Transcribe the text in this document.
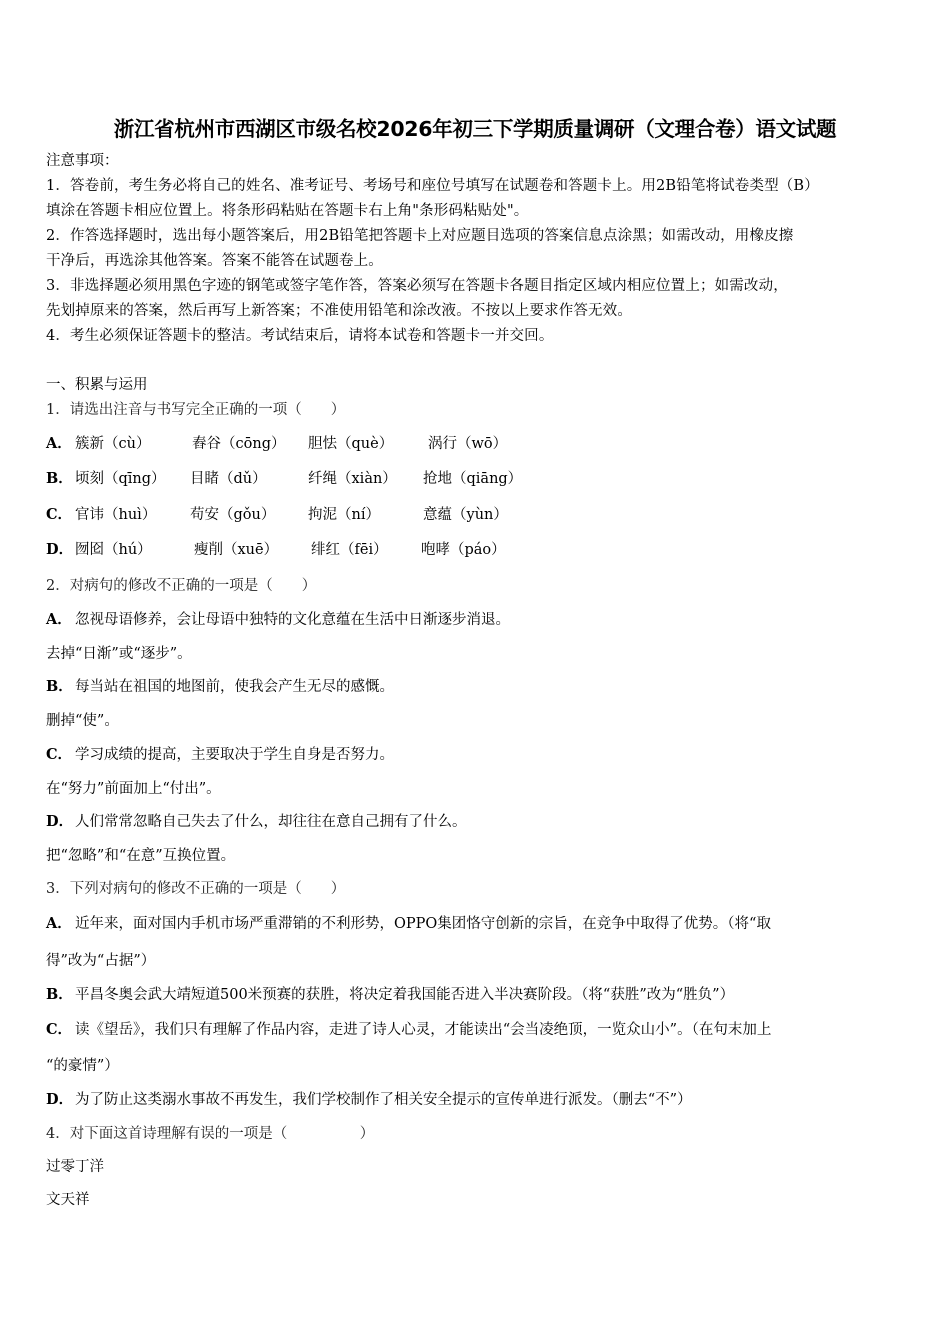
浙江省杭州市西湖区市级名校2026年初三下学期质量调研（文理合卷）语文试题
注意事项：
1．答卷前，考生务必将自己的姓名、准考证号、考场号和座位号填写在试题卷和答题卡上。用2B铅笔将试卷类型（B）
填涂在答题卡相应位置上。将条形码粘贴在答题卡右上角"条形码粘贴处"。
2．作答选择题时，选出每小题答案后，用2B铅笔把答题卡上对应题目选项的答案信息点涂黑；如需改动，用橡皮擦
干净后，再选涂其他答案。答案不能答在试题卷上。
3．非选择题必须用黑色字迹的钢笔或签字笔作答，答案必须写在答题卡各题目指定区域内相应位置上；如需改动，
先划掉原来的答案，然后再写上新答案；不准使用铅笔和涂改液。不按以上要求作答无效。
4．考生必须保证答题卡的整洁。考试结束后，请将本试卷和答题卡一并交回。
一、积累与运用
1．请选出注音与书写完全正确的一项（　　）
A． 簇新（cù）	舂谷（cōng） 胆怯（què） 涡行（wō）
B． 顷刻（qīng） 目睹（dǔ）	纤绳（xiàn） 抢地（qiāng）
C． 官讳（huì） 苟安（gǒu） 拘泥（ní）	意蕴（yùn）
D． 囫囵（hú）	瘦削（xuē） 绯红（fēi） 咆哮（páo）
2．对病句的修改不正确的一项是（　　）
A． 忽视母语修养，会让母语中独特的文化意蕴在生活中日渐逐步消退。
去掉“日渐”或“逐步”。
B． 每当站在祖国的地图前，使我会产生无尽的感慨。
删掉“使”。
C． 学习成绩的提高，主要取决于学生自身是否努力。
在“努力”前面加上“付出”。
D． 人们常常忽略自己失去了什么，却往往在意自己拥有了什么。
把“忽略”和“在意”互换位置。
3．下列对病句的修改不正确的一项是（　　）
A． 近年来，面对国内手机市场严重滞销的不利形势，OPPO集团恪守创新的宗旨，在竞争中取得了优势。（将“取
得”改为“占据”）
B． 平昌冬奥会武大靖短道500米预赛的获胜，将决定着我国能否进入半决赛阶段。（将“获胜”改为“胜负”）
C． 读《望岳》，我们只有理解了作品内容，走进了诗人心灵，才能读出“会当凌绝顶，一览众山小”。（在句末加上
“的豪情”）
D． 为了防止这类溺水事故不再发生，我们学校制作了相关安全提示的宣传单进行派发。（删去“不”）
4．对下面这首诗理解有误的一项是（　　　　　）
过零丁洋
文天祥
